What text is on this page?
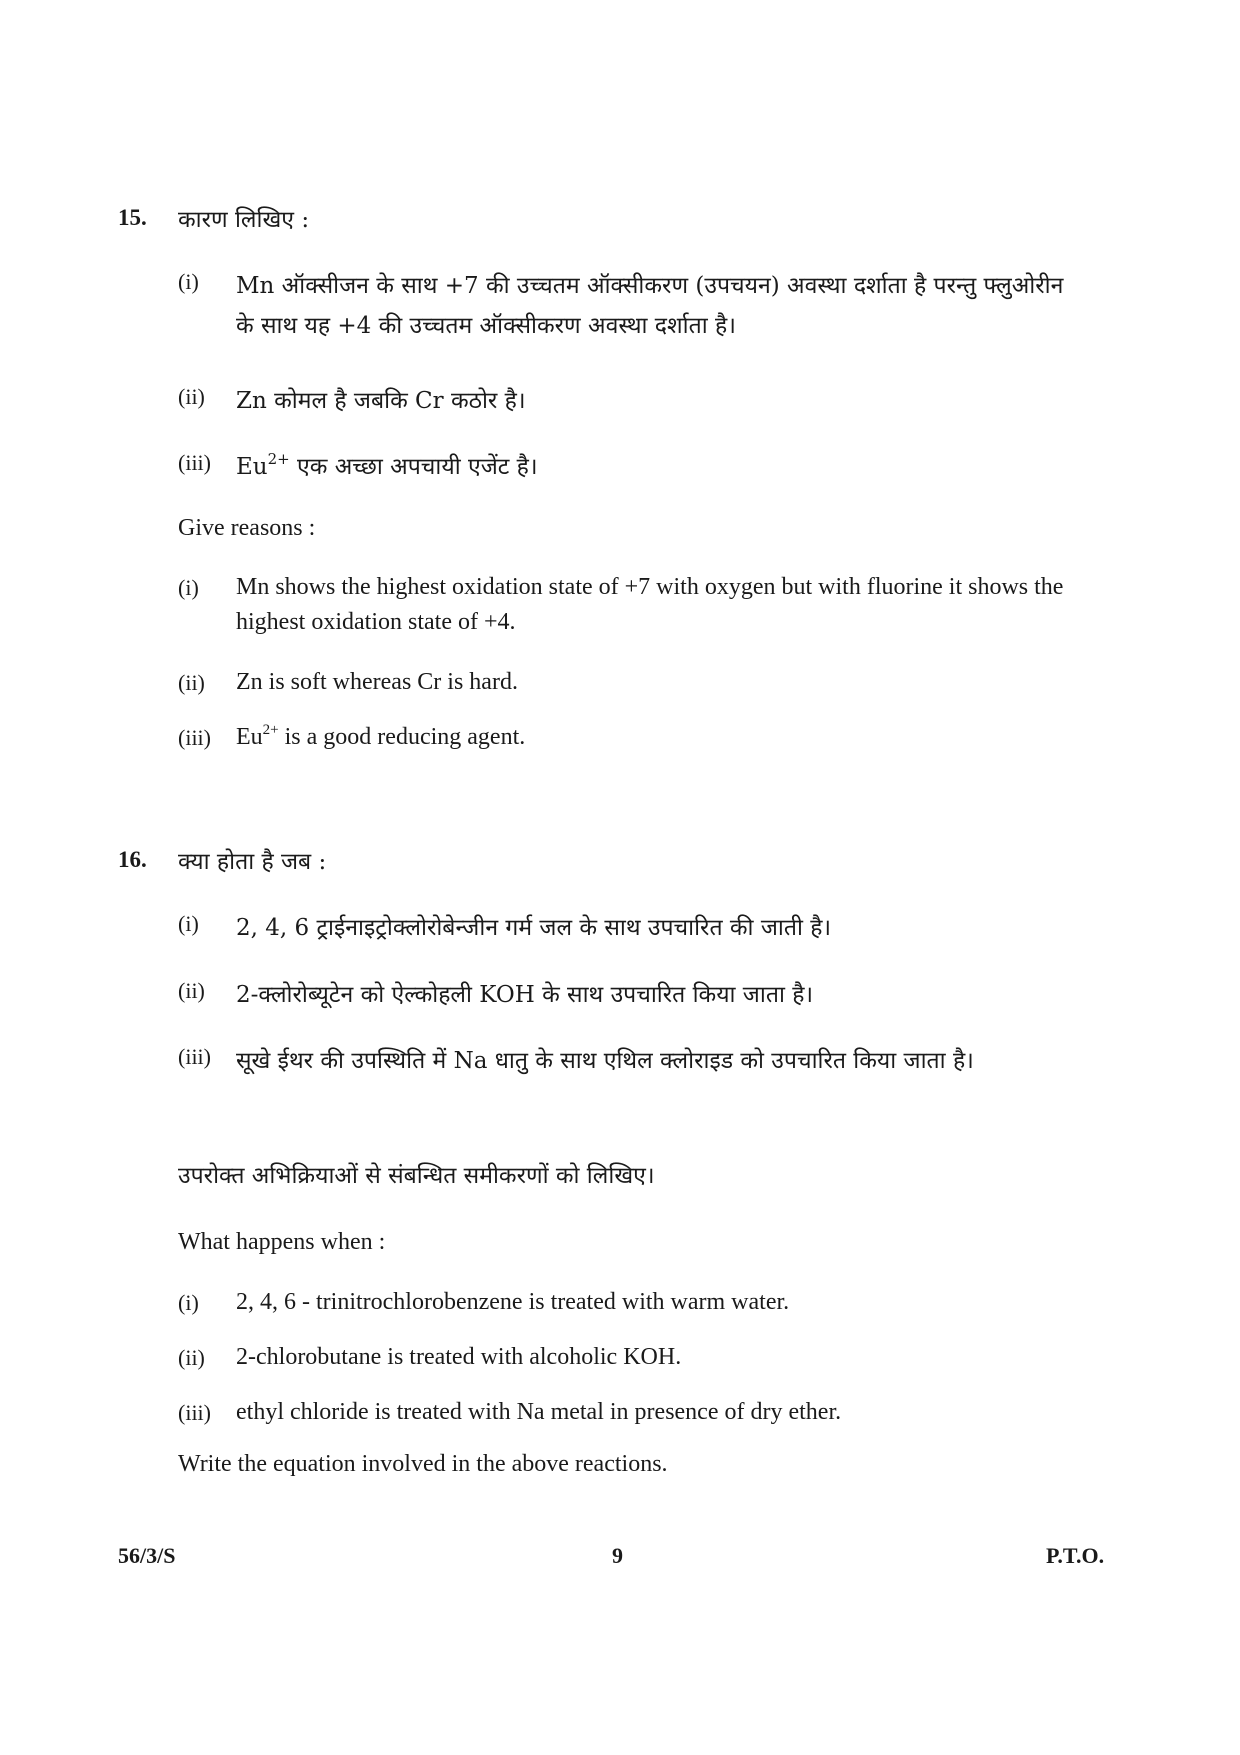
15. कारण लिखिए :
(i) Mn ऑक्सीजन के साथ +7 की उच्चतम ऑक्सीकरण (उपचयन) अवस्था दर्शाता है परन्तु फ्लुओरीन के साथ यह +4 की उच्चतम ऑक्सीकरण अवस्था दर्शाता है।
(ii) Zn कोमल है जबकि Cr कठोर है।
(iii) $Eu^{2+}$ एक अच्छा अपचायी एजेंट है।
Give reasons :
(i) Mn shows the highest oxidation state of +7 with oxygen but with fluorine it shows the highest oxidation state of +4.
(ii) Zn is soft whereas Cr is hard.
(iii) $Eu^{2+}$ is a good reducing agent.
16. क्या होता है जब :
(i) 2, 4, 6 ट्राईनाइट्रोक्लोरोबेन्जीन गर्म जल के साथ उपचारित की जाती है।
(ii) 2-क्लोरोब्यूटेन को ऐल्कोहली KOH के साथ उपचारित किया जाता है।
(iii) सूखे ईथर की उपस्थिति में Na धातु के साथ एथिल क्लोराइड को उपचारित किया जाता है।
उपरोक्त अभिक्रियाओं से संबन्धित समीकरणों को लिखिए।
What happens when :
(i) 2, 4, 6 - trinitrochlorobenzene is treated with warm water.
(ii) 2-chlorobutane is treated with alcoholic KOH.
(iii) ethyl chloride is treated with Na metal in presence of dry ether.
Write the equation involved in the above reactions.
56/3/S	9	P.T.O.
